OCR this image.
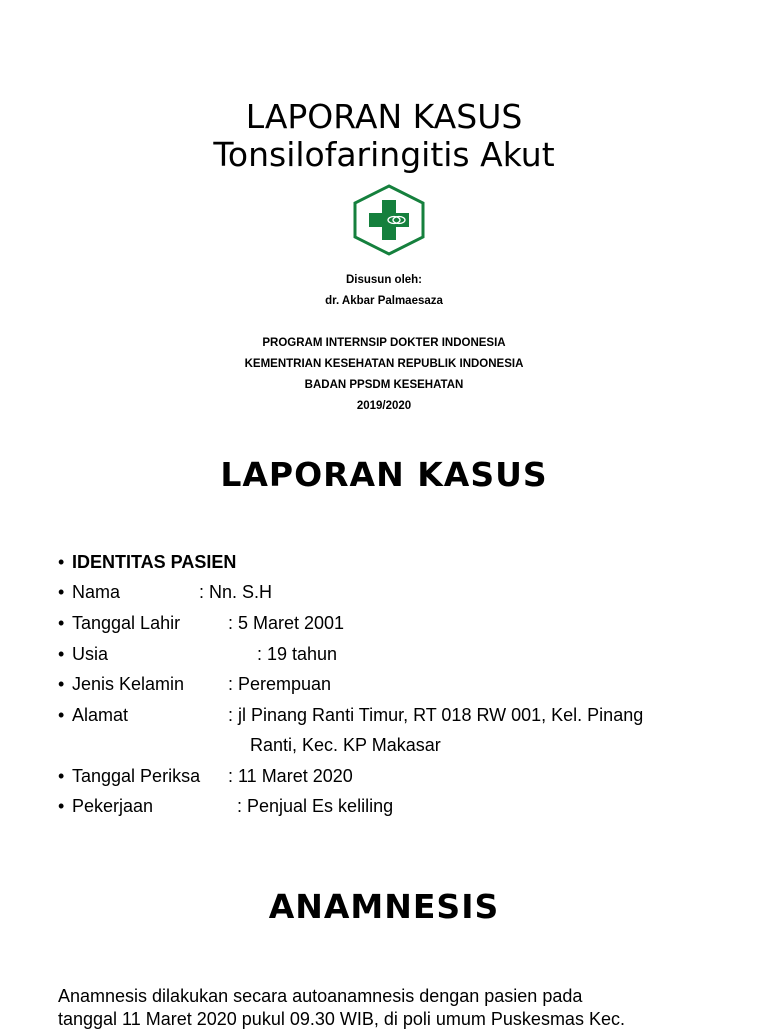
LAPORAN KASUS
Tonsilofaringitis Akut
Disusun oleh:
dr. Akbar Palmaesaza
PROGRAM INTERNSIP DOKTER INDONESIA
KEMENTRIAN KESEHATAN REPUBLIK INDONESIA
BADAN PPSDM KESEHATAN
2019/2020
LAPORAN KASUS
• IDENTITAS PASIEN
• Nama	: Nn. S.H
• Tanggal Lahir	: 5 Maret 2001
• Usia	: 19 tahun
• Jenis Kelamin : Perempuan
• Alamat	: jl Pinang Ranti Timur, RT 018 RW 001, Kel. Pinang
Ranti, Kec. KP Makasar
• Tanggal Periksa : 11 Maret 2020
• Pekerjaan	: Penjual Es keliling
ANAMNESIS
Anamnesis dilakukan secara autoanamnesis dengan pasien pada
tanggal 11 Maret 2020 pukul 09.30 WIB, di poli umum Puskesmas Kec.
